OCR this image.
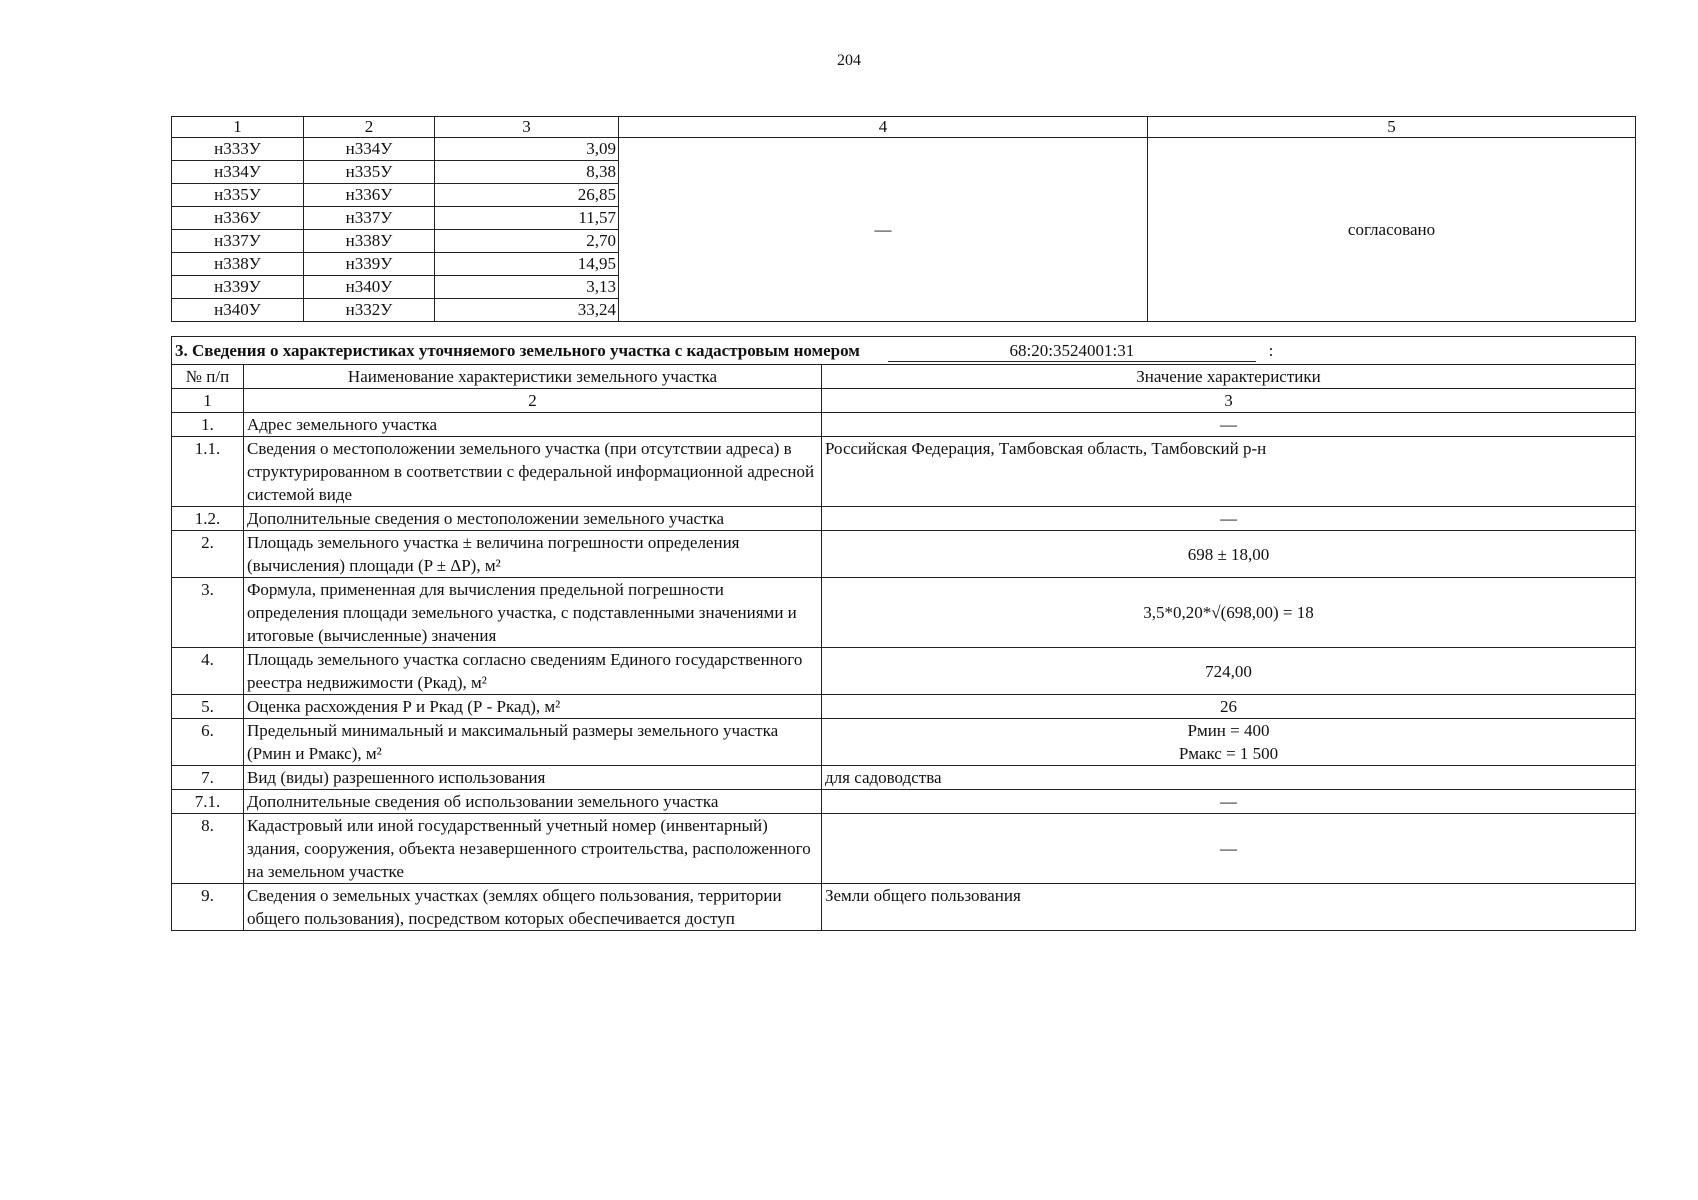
204
1	2	3	4	5
н333У	н334У	3,09	—	согласовано
н334У	н335У	8,38		
н335У	н336У	26,85		
н336У	н337У	11,57		
н337У	н338У	2,70		
н338У	н339У	14,95		
н339У	н340У	3,13		
н340У	н332У	33,24		
3. Сведения о характеристиках уточняемого земельного участка с кадастровым номером 68:20:3524001:31 :		
№ п/п	Наименование характеристики земельного участка	Значение характеристики
1	2	3
1.	Адрес земельного участка	—
1.1.	Сведения о местоположении земельного участка (при отсутствии адреса) в структурированном в соответствии с федеральной информационной адресной системой виде	Российская Федерация, Тамбовская область, Тамбовский р-н
1.2.	Дополнительные сведения о местоположении земельного участка	—
2.	Площадь земельного участка ± величина погрешности определения (вычисления) площади (P ± ΔP), м²	698 ± 18,00
3.	Формула, примененная для вычисления предельной погрешности определения площади земельного участка, с подставленными значениями и итоговые (вычисленные) значения	3,5*0,20*√(698,00) = 18
4.	Площадь земельного участка согласно сведениям Единого государственного реестра недвижимости (Ркад), м²	724,00
5.	Оценка расхождения Р и Ркад (Р - Ркад), м²	26
6.	Предельный минимальный и максимальный размеры земельного участка (Рмин и Рмакс), м²	Рмин = 400
Рмакс = 1 500

7.	Вид (виды) разрешенного использования	для садоводства
7.1.	Дополнительные сведения об использовании земельного участка	—
8.	Кадастровый или иной государственный учетный номер (инвентарный) здания, сооружения, объекта незавершенного строительства, расположенного на земельном участке	—
9.	Сведения о земельных участках (землях общего пользования, территории общего пользования), посредством которых обеспечивается доступ	Земли общего пользования
